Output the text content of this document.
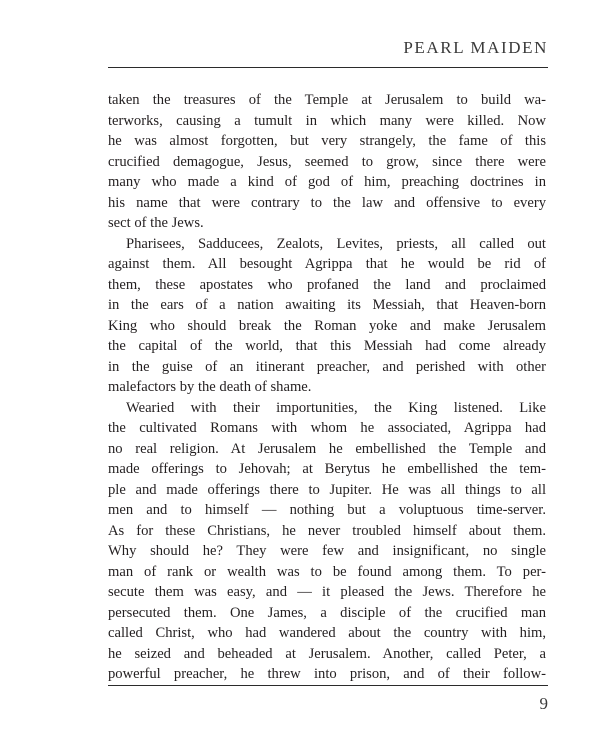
PEARL MAIDEN

taken the treasures of the Temple at Jerusalem to build wa-
terworks, causing a tumult in which many were killed. Now
he was almost forgotten, but very strangely, the fame of this
crucified demagogue, Jesus, seemed to grow, since there were
many who made a kind of god of him, preaching doctrines in
his name that were contrary to the law and offensive to every
sect of the Jews.

Pharisees, Sadducees, Zealots, Levites, priests, all called out
against them. All besought Agrippa that he would be rid of
them, these apostates who profaned the land and proclaimed
in the ears of a nation awaiting its Messiah, that Heaven-born
King who should break the Roman yoke and make Jerusalem
the capital of the world, that this Messiah had come already
in the guise of an itinerant preacher, and perished with other
malefactors by the death of shame.

Wearied with their importunities, the King listened. Like
the cultivated Romans with whom he associated, Agrippa had
no real religion. At Jerusalem he embellished the Temple and
made offerings to Jehovah; at Berytus he embellished the tem-
ple and made offerings there to Jupiter. He was all things to all
men and to himself — nothing but a voluptuous time-server.
As for these Christians, he never troubled himself about them.
Why should he? They were few and insignificant, no single
man of rank or wealth was to be found among them. To per-
secute them was easy, and — it pleased the Jews. Therefore he
persecuted them. One James, a disciple of the crucified man
called Christ, who had wandered about the country with him,
he seized and beheaded at Jerusalem. Another, called Peter, a
powerful preacher, he threw into prison, and of their follow-

9
